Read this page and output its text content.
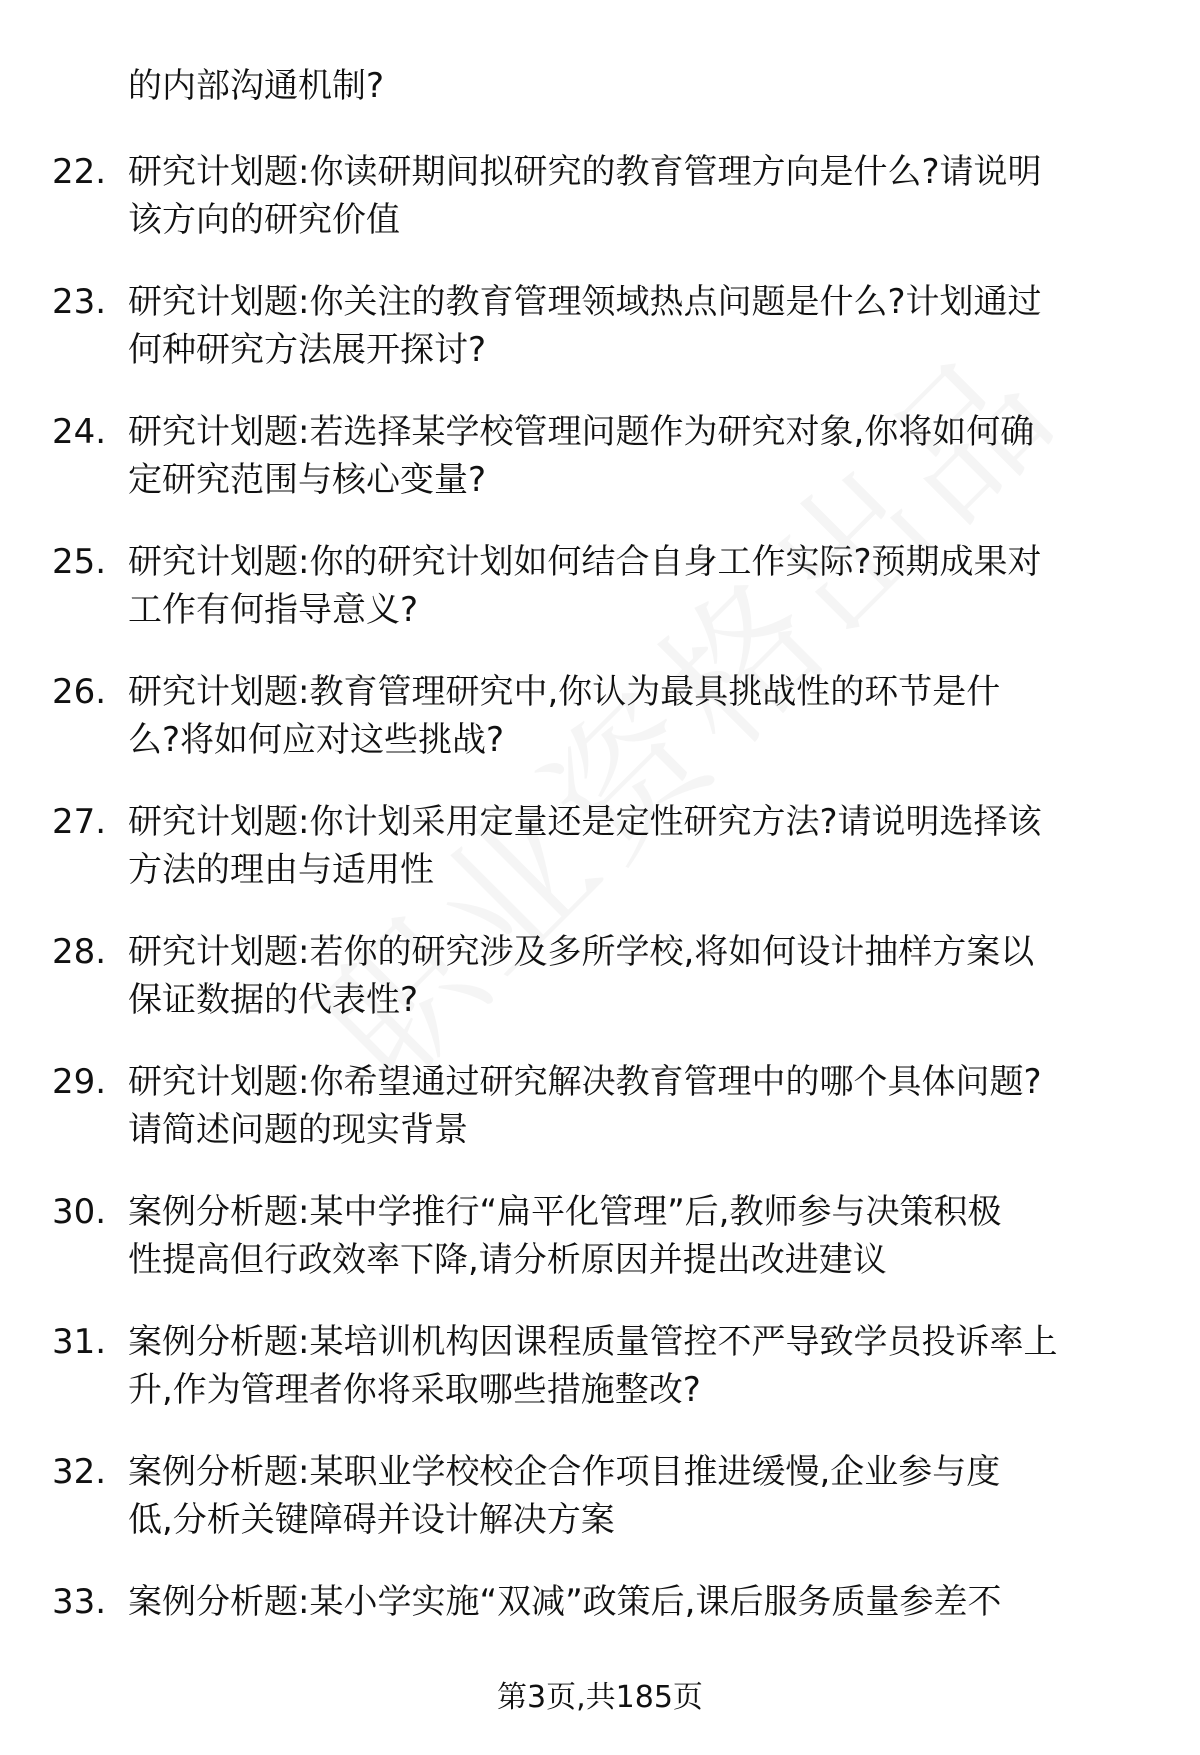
的内部沟通机制?
22. 研究计划题:你读研期间拟研究的教育管理方向是什么?请说明
该方向的研究价值
23. 研究计划题:你关注的教育管理领域热点问题是什么?计划通过
何种研究方法展开探讨?
24. 研究计划题:若选择某学校管理问题作为研究对象,你将如何确
定研究范围与核心变量?
25. 研究计划题:你的研究计划如何结合自身工作实际?预期成果对
工作有何指导意义?
26. 研究计划题:教育管理研究中,你认为最具挑战性的环节是什
么?将如何应对这些挑战?
27. 研究计划题:你计划采用定量还是定性研究方法?请说明选择该
方法的理由与适用性
28. 研究计划题:若你的研究涉及多所学校,将如何设计抽样方案以
保证数据的代表性?
29. 研究计划题:你希望通过研究解决教育管理中的哪个具体问题?
请简述问题的现实背景
30. 案例分析题:某中学推行“扁平化管理”后,教师参与决策积极
性提高但行政效率下降,请分析原因并提出改进建议
31. 案例分析题:某培训机构因课程质量管控不严导致学员投诉率上
升,作为管理者你将采取哪些措施整改?
32. 案例分析题:某职业学校校企合作项目推进缓慢,企业参与度
低,分析关键障碍并设计解决方案
33. 案例分析题:某小学实施“双减”政策后,课后服务质量参差不
第3页,共185页
